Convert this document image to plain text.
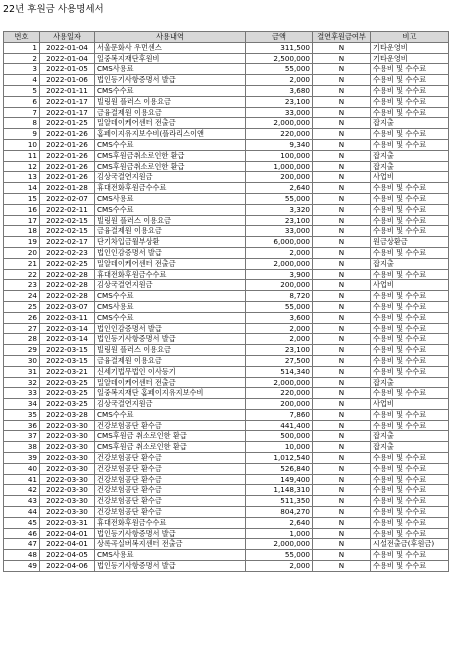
22년 후원금 사용명세서
번호	사용일자	사용내역	금액	결연후원금여부	비고
1	2022-01-04	서울문화사 우먼센스	311,500	N	기타운영비
2	2022-01-04	일중복지재단후원비	2,500,000	N	기타운영비
3	2022-01-05	CMS사용료	55,000	N	수용비 및 수수료
4	2022-01-06	법인등기사항증명서 발급	2,000	N	수용비 및 수수료
5	2022-01-11	CMS수수료	3,680	N	수용비 및 수수료
6	2022-01-17	빌링원 플러스 이용요금	23,100	N	수용비 및 수수료
7	2022-01-17	금융결제원 이용요금	33,000	N	수용비 및 수수료
8	2022-01-25	밀알데이케어센터 전출금	2,000,000	N	잡지출
9	2022-01-26	홈페이지유지보수비(플라리스이앤	220,000	N	수용비 및 수수료
10	2022-01-26	CMS수수료	9,340	N	수용비 및 수수료
11	2022-01-26	CMS후원금취소로인한 환급	100,000	N	잡지출
12	2022-01-26	CMS후원금취소로인한 환급	1,000,000	N	잡지출
13	2022-01-26	김상국결연지원금	200,000	N	사업비
14	2022-01-28	휴대전화후원금수수료	2,640	N	수용비 및 수수료
15	2022-02-07	CMS사용료	55,000	N	수용비 및 수수료
16	2022-02-11	CMS수수료	3,320	N	수용비 및 수수료
17	2022-02-15	빌링원 플러스 이용요금	23,100	N	수용비 및 수수료
18	2022-02-15	금융결제원 이용요금	33,000	N	수용비 및 수수료
19	2022-02-17	단기차입금월부상환	6,000,000	N	원금상환금
20	2022-02-23	법인인감증명서 발급	2,000	N	수용비 및 수수료
21	2022-02-25	밀알데이케어센터 전출금	2,000,000	N	잡지출
22	2022-02-28	휴대전화후원금수수료	3,900	N	수용비 및 수수료
23	2022-02-28	김상국결연지원금	200,000	N	사업비
24	2022-02-28	CMS수수료	8,720	N	수용비 및 수수료
25	2022-03-07	CMS사용료	55,000	N	수용비 및 수수료
26	2022-03-11	CMS수수료	3,600	N	수용비 및 수수료
27	2022-03-14	법인인감증명서 발급	2,000	N	수용비 및 수수료
28	2022-03-14	법인등기사항증명서 발급	2,000	N	수용비 및 수수료
29	2022-03-15	빌링원 플러스 이용요금	23,100	N	수용비 및 수수료
30	2022-03-15	금융결제원 이용요금	27,500	N	수용비 및 수수료
31	2022-03-21	신세기법무법인 이사등기	514,340	N	수용비 및 수수료
32	2022-03-25	밀알데이케어센터 전출금	2,000,000	N	잡지출
33	2022-03-25	일중복지재단 홈페이지유지보수비	220,000	N	수용비 및 수수료
34	2022-03-25	김상국결연지원금	200,000	N	사업비
35	2022-03-28	CMS수수료	7,860	N	수용비 및 수수료
36	2022-03-30	건강보험공단 환수금	441,400	N	수용비 및 수수료
37	2022-03-30	CMS후원금 취소로인한 환급	500,000	N	잡지출
38	2022-03-30	CMS후원금 취소로인한 환급	10,000	N	잡지출
39	2022-03-30	건강보험공단 환수금	1,012,540	N	수용비 및 수수료
40	2022-03-30	건강보험공단 환수금	526,840	N	수용비 및 수수료
41	2022-03-30	건강보험공단 환수금	149,400	N	수용비 및 수수료
42	2022-03-30	건강보험공단 환수금	1,148,310	N	수용비 및 수수료
43	2022-03-30	건강보험공단 환수금	511,350	N	수용비 및 수수료
44	2022-03-30	건강보험공단 환수금	804,270	N	수용비 및 수수료
45	2022-03-31	휴대전화후원금수수료	2,640	N	수용비 및 수수료
46	2022-04-01	법인등기사항증명서 발급	1,000	N	수용비 및 수수료
47	2022-04-01	상록곡실버복지센터 전출금	2,000,000	N	시설전출금(후원금)
48	2022-04-05	CMS사용료	55,000	N	수용비 및 수수료
49	2022-04-06	법인등기사항증명서 발급	2,000	N	수용비 및 수수료
